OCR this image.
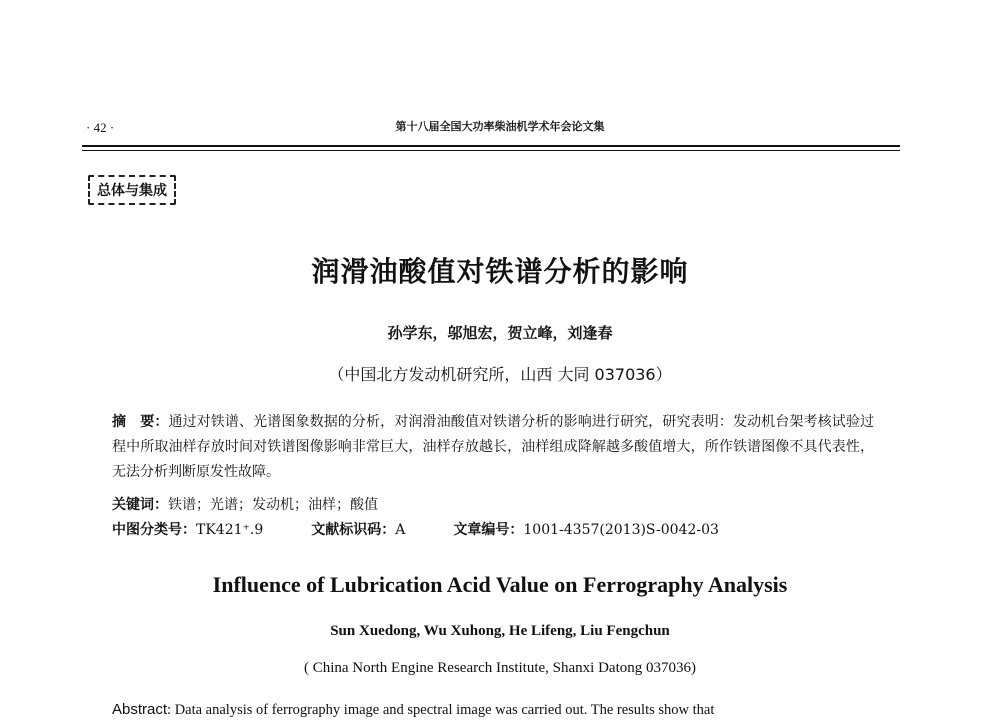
· 42 ·	第十八届全国大功率柴油机学术年会论文集
总体与集成
润滑油酸值对铁谱分析的影响
孙学东，邬旭宏，贺立峰，刘逢春
（中国北方发动机研究所，山西 大同 037036）
摘　要：通过对铁谱、光谱图象数据的分析，对润滑油酸值对铁谱分析的影响进行研究，研究表明：发动机台架考核试验过程中所取油样存放时间对铁谱图像影响非常巨大，油样存放越长，油样组成降解越多酸值增大，所作铁谱图像不具代表性，无法分析判断原发性故障。
关键词：铁谱；光谱；发动机；油样；酸值
中图分类号：TK421⁺.9	文献标识码：A	文章编号：1001-4357(2013)S-0042-03
Influence of Lubrication Acid Value on Ferrography Analysis
Sun Xuedong, Wu Xuhong, He Lifeng, Liu Fengchun
( China North Engine Research Institute, Shanxi Datong 037036)
Abstract: Data analysis of ferrography image and spectral image was carried out. The results show that
